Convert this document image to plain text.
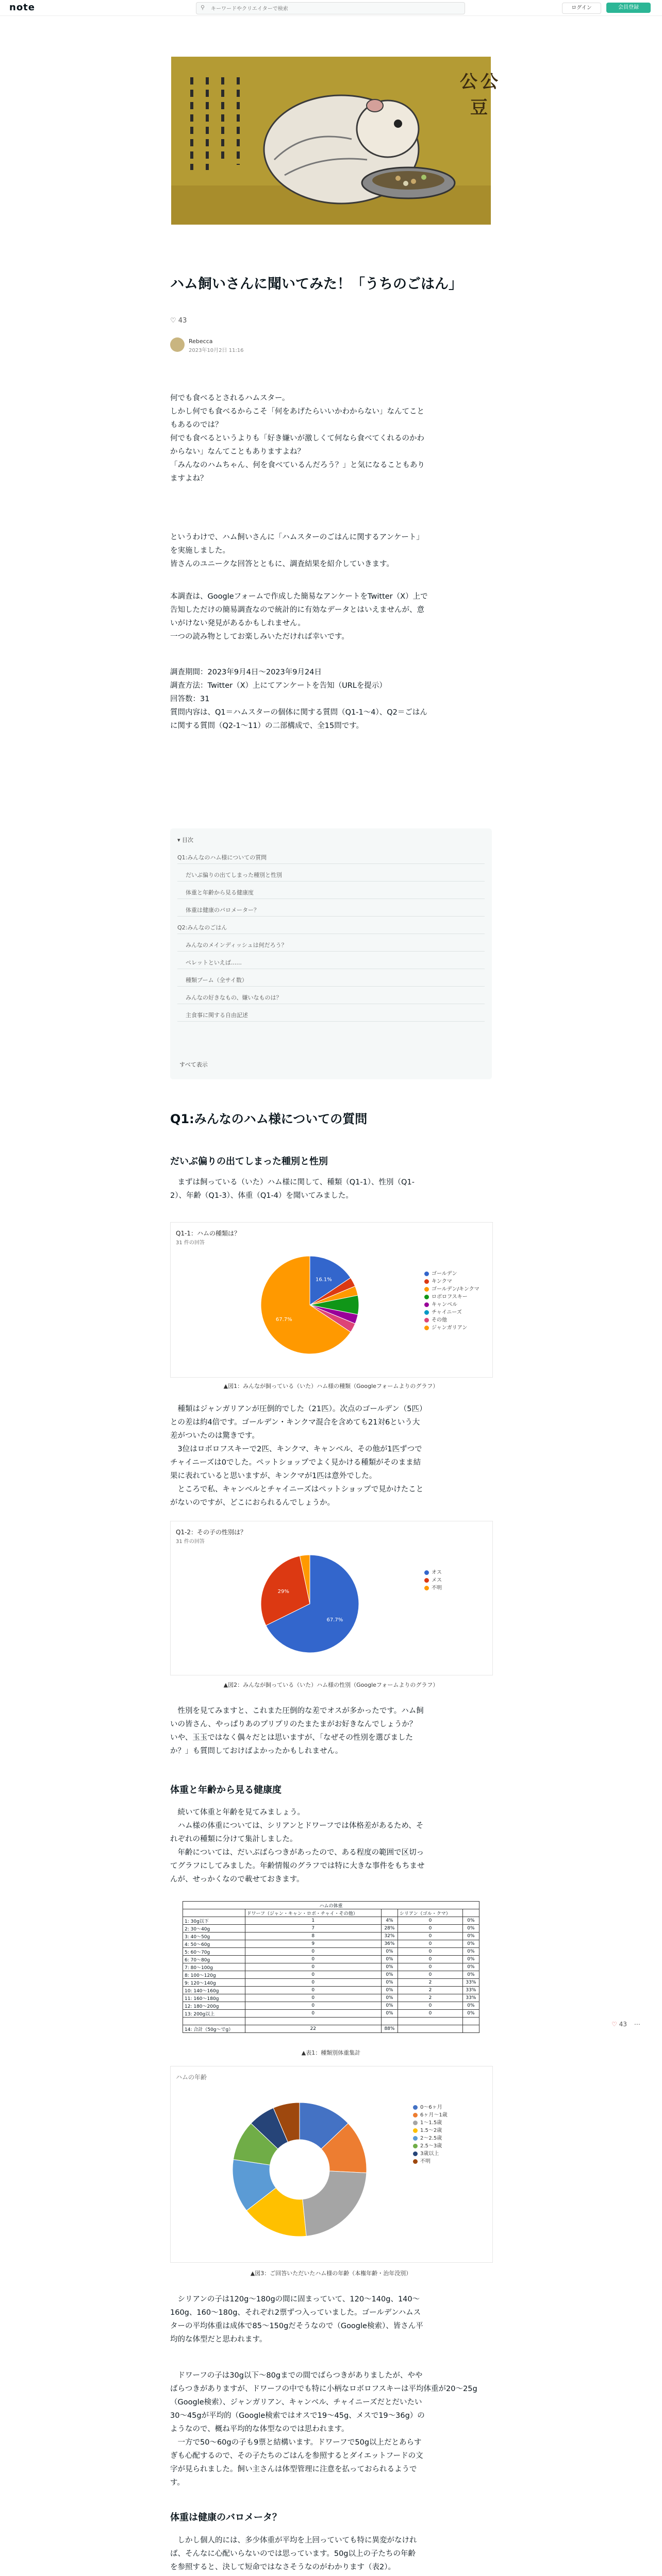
note	⚲
キーワードやクリエイターで検索	ログイン	会員登録
公 公
豆
ハム飼いさんに聞いてみた！「うちのごはん」
♡ 43
Rebecca
2023年10月2日 11:16
何でも食べるとされるハムスター。
しかし何でも食べるからこそ「何をあげたらいいかわからない」なんてこと
もあるのでは？
何でも食べるというよりも「好き嫌いが激しくて何なら食べてくれるのかわ
からない」なんてこともありますよね？
「みんなのハムちゃん、何を食べているんだろう？」と気になることもあり
ますよね？
というわけで、ハム飼いさんに「ハムスターのごはんに関するアンケート」
を実施しました。
皆さんのユニークな回答とともに、調査結果を紹介していきます。
本調査は、Googleフォームで作成した簡易なアンケートをTwitter（X）上で
告知しただけの簡易調査なので統計的に有効なデータとはいえませんが、意
いがけない発見があるかもしれません。
一つの読み物としてお楽しみいただければ幸いです。
調査期間：2023年9月4日〜2023年9月24日
調査方法：Twitter（X）上にてアンケートを告知（URLを提示）
回答数：31
質問内容は、Q1＝ハムスターの個体に関する質問（Q1-1〜4）、Q2＝ごはん
に関する質問（Q2-1〜11）の二部構成で、全15問です。
▾ 目次
Q1:みんなのハム様についての質問
だいぶ偏りの出てしまった種別と性別
体重と年齢から見る健康度
体重は健康のバロメーター？
Q2:みんなのごはん
みんなのメインディッシュは何だろう？
ペレットといえば......
種類ブーム（全サイ数）
みんなの好きなもの、嫌いなものは？
主食事に関する自由記述
すべて表示
Q1:みんなのハム様についての質問
だいぶ偏りの出てしまった種別と性別
　まずは飼っている（いた）ハム様に関して、種類（Q1-1）、性別（Q1-
2）、年齢（Q1-3）、体重（Q1-4）を聞いてみました。
Q1-1：ハムの種類は？
31 件の回答
16.1%
67.7%
ゴールデン
キンクマ
ゴールデン/キンクマ
ロボロフスキー
キャンベル
チャイニーズ
その他
ジャンガリアン
▲図1：みんなが飼っている（いた）ハム様の種類（Googleフォームよりのグラフ）
　種類はジャンガリアンが圧倒的でした（21匹）。次点のゴールデン（5匹）
との差は約4倍です。ゴールデン・キンクマ混合を含めても21対6という大
差がついたのは驚きです。
　3位はロボロフスキーで2匹、キンクマ、キャンベル、その他が1匹ずつで
チャイニーズは0でした。ペットショップでよく見かける種類がそのまま結
果に表れていると思いますが、キンクマが1匹は意外でした。
　ところで私、キャンベルとチャイニーズはペットショップで見かけたこと
がないのですが、どこにおられるんでしょうか。
Q1-2：その子の性別は？
31 件の回答
67.7%
29%
オス
メス
不明
▲図2：みんなが飼っている（いた）ハム様の性別（Googleフォームよりのグラフ）
　性別を見てみますと、これまた圧倒的な差でオスが多かったです。ハム飼
いの皆さん、やっぱりあのプリプリのたまたまがお好きなんでしょうか？
いや、玉玉ではなく偶々だとは思いますが、「なぜその性別を選びました
か？」も質問しておけばよかったかもしれません。
体重と年齢から見る健康度
　続いて体重と年齢を見てみましょう。
　ハム様の体重については、シリアンとドワーフでは体格差があるため、そ
れぞれの種類に分けて集計しました。
　年齢については、だいぶばらつきがあったので、ある程度の範囲で区切っ
てグラフにしてみました。年齢情報のグラフでは特に大きな事件をもちませ
んが、せっかくなので載せておきます。
ハムの体重				
	ドワーフ（ジャン・キャン・ロボ・チャイ・その他）		シリアン（ゴル・クマ）	
1: 30g以下	1	4%	0	0%
2: 30〜40g	7	28%	0	0%
3: 40〜50g	8	32%	0	0%
4: 50〜60g	9	36%	0	0%
5: 60〜70g	0	0%	0	0%
6: 70〜80g	0	0%	0	0%
7: 80〜100g	0	0%	0	0%
8: 100〜120g	0	0%	0	0%
9: 120〜140g	0	0%	2	33%
10: 140〜160g	0	0%	2	33%
11: 160〜180g	0	0%	2	33%
12: 180〜200g	0	0%	0	0%
13: 200g以上	0	0%	0	0%

14: 合計（50g〜でg）	22	88%		
▲表1：種類別体重集計
ハムの年齢
0〜6ヶ月
6ヶ月〜1歳
1〜1.5歳
1.5〜2歳
2〜2.5歳
2.5〜3歳
3歳以上
不明
▲図3：ご回答いただいたハム様の年齢（本権年齢・治年没別）
　シリアンの子は120g〜180gの間に固まっていて、120〜140g、140〜
160g、160〜180g、それぞれ2票ずつ入っていました。ゴールデンハムス
ターの平均体重は成体で85〜150gだそうなので（Google検索）、皆さん平
均的な体型だと思われます。
　ドワーフの子は30g以下〜80gまでの間でばらつきがありましたが、やや
ばらつきがありますが、ドワーフの中でも特に小柄なロボロフスキーは平均体重が20〜25g
（Google検索）、ジャンガリアン、キャンベル、チャイニーズだとだいたい
30〜45gが平均的（Google検索ではオスで19〜45g、メスで19〜36g）の
ようなので、概ね平均的な体型なのでは思われます。
　一方で50〜60gの子も9票と結構います。ドワーフで50g以上だとあらす
ぎも心配するので、その子たちのごはんを参照するとダイエットフードの文
字が見られました。飼い主さんは体型管理に注意を払っておられるようで
す。
体重は健康のバロメータ？
　しかし個人的には、多少体重が平均を上回っていても特に異変がなけれ
ば、そんなに心配いらないのでは思っています。50g以上の子たちの年齢
を参照すると、決して短命ではなさそうなのがわかります（表2）。

♡ 43 ⋯
